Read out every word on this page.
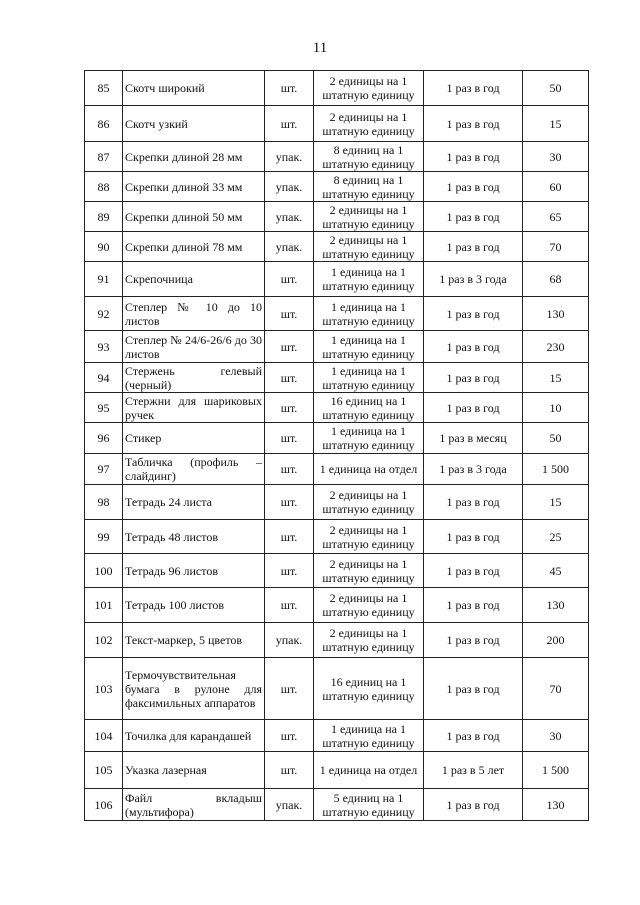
11
85	Скотч широкий	шт.	2 единицы на 1 штатную единицу	1 раз в год	50
86	Скотч узкий	шт.	2 единицы на 1 штатную единицу	1 раз в год	15
87	Скрепки длиной 28 мм	упак.	8 единиц на 1 штатную единицу	1 раз в год	30
88	Скрепки длиной 33 мм	упак.	8 единиц на 1 штатную единицу	1 раз в год	60
89	Скрепки длиной 50 мм	упак.	2 единицы на 1 штатную единицу	1 раз в год	65
90	Скрепки длиной 78 мм	упак.	2 единицы на 1 штатную единицу	1 раз в год	70
91	Скрепочница	шт.	1 единица на 1 штатную единицу	1 раз в 3 года	68
92	Степлер № 10 до 10 листов	шт.	1 единица на 1 штатную единицу	1 раз в год	130
93	Степлер № 24/6-26/6 до 30 листов	шт.	1 единица на 1 штатную единицу	1 раз в год	230
94	Стержень гелевый (черный)	шт.	1 единица на 1 штатную единицу	1 раз в год	15
95	Стержни для шариковых ручек	шт.	16 единиц на 1 штатную единицу	1 раз в год	10
96	Стикер	шт.	1 единица на 1 штатную единицу	1 раз в месяц	50
97	Табличка (профиль – слайдинг)	шт.	1 единица на отдел	1 раз в 3 года	1 500
98	Тетрадь 24 листа	шт.	2 единицы на 1 штатную единицу	1 раз в год	15
99	Тетрадь 48 листов	шт.	2 единицы на 1 штатную единицу	1 раз в год	25
100	Тетрадь 96 листов	шт.	2 единицы на 1 штатную единицу	1 раз в год	45
101	Тетрадь 100 листов	шт.	2 единицы на 1 штатную единицу	1 раз в год	130
102	Текст-маркер, 5 цветов	упак.	2 единицы на 1 штатную единицу	1 раз в год	200
103	Термочувствительная бумага в рулоне для факсимильных аппаратов	шт.	16 единиц на 1 штатную единицу	1 раз в год	70
104	Точилка для карандашей	шт.	1 единица на 1 штатную единицу	1 раз в год	30
105	Указка лазерная	шт.	1 единица на отдел	1 раз в 5 лет	1 500
106	Файл вкладыш (мультифора)	упак.	5 единиц на 1 штатную единицу	1 раз в год	130
